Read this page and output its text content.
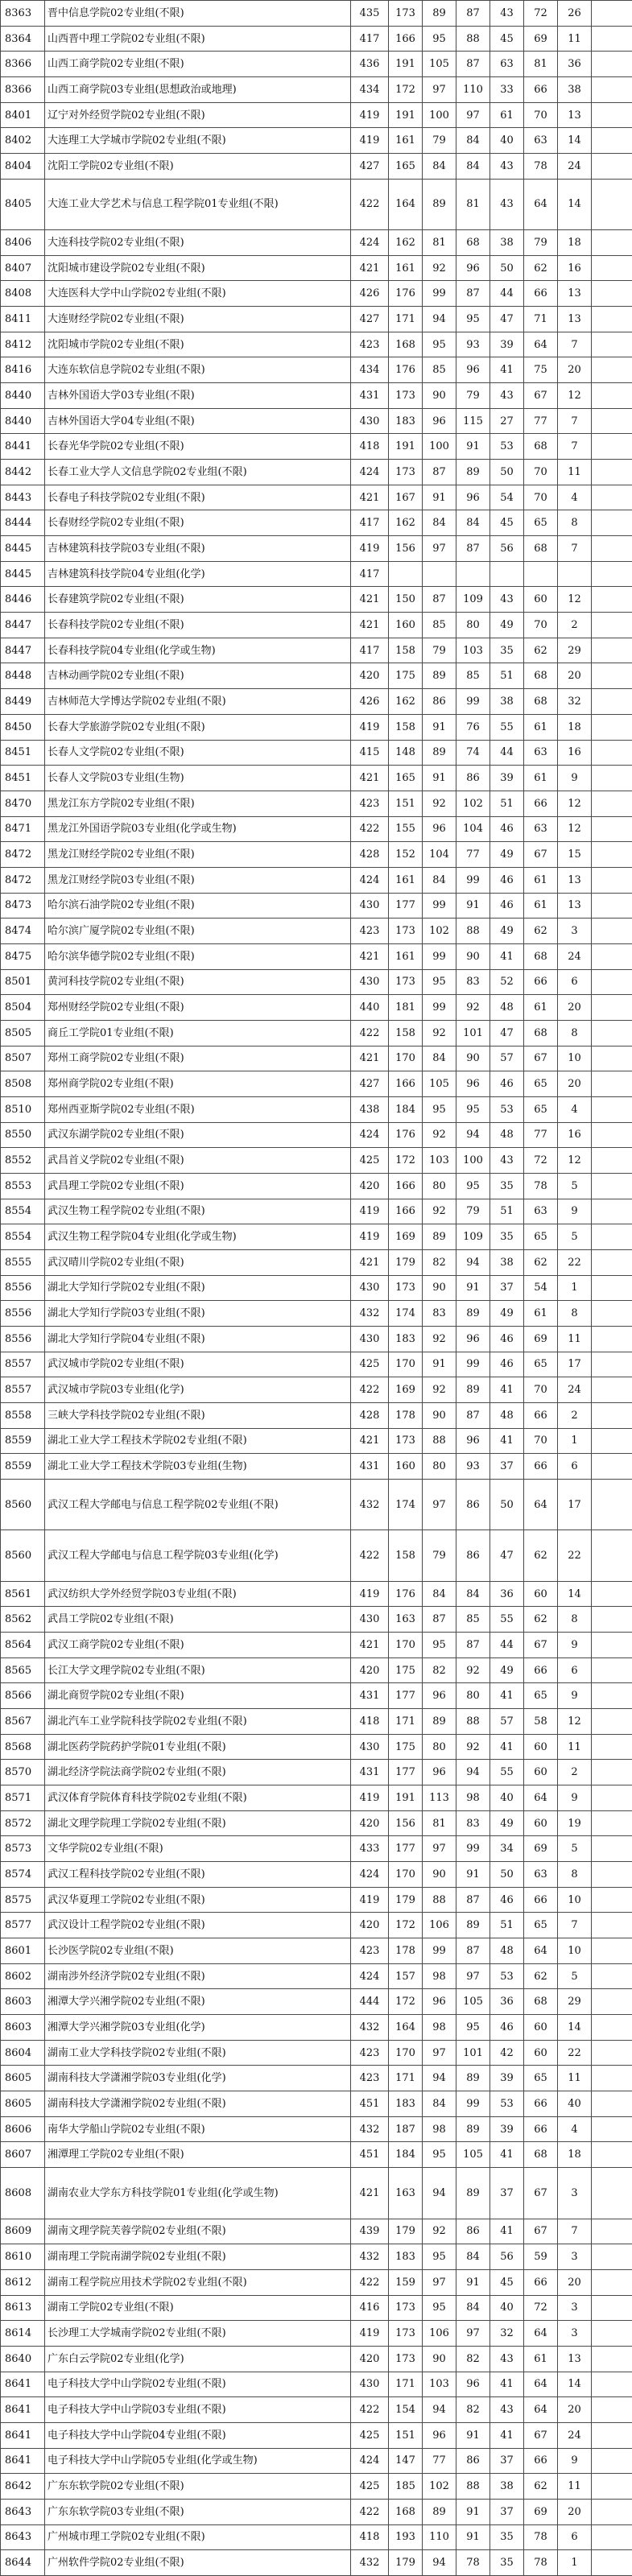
8363	晋中信息学院02专业组(不限)	435	173	89	87	43	72	26	
8364	山西晋中理工学院02专业组(不限)	417	166	95	88	45	69	11	
8366	山西工商学院02专业组(不限)	436	191	105	87	63	81	36	
8366	山西工商学院03专业组(思想政治或地理)	434	172	97	110	33	66	38	
8401	辽宁对外经贸学院02专业组(不限)	419	191	100	97	61	70	13	
8402	大连理工大学城市学院02专业组(不限)	419	161	79	84	40	63	14	
8404	沈阳工学院02专业组(不限)	427	165	84	84	43	78	24	
8405	大连工业大学艺术与信息工程学院01专业组(不限)	422	164	89	81	43	64	14	
8406	大连科技学院02专业组(不限)	424	162	81	68	38	79	18	
8407	沈阳城市建设学院02专业组(不限)	421	161	92	96	50	62	16	
8408	大连医科大学中山学院02专业组(不限)	426	176	99	87	44	66	13	
8411	大连财经学院02专业组(不限)	427	171	94	95	47	71	13	
8412	沈阳城市学院02专业组(不限)	423	168	95	93	39	64	7	
8416	大连东软信息学院02专业组(不限)	434	176	85	96	41	75	20	
8440	吉林外国语大学03专业组(不限)	431	173	90	79	43	67	12	
8440	吉林外国语大学04专业组(不限)	430	183	96	115	27	77	7	
8441	长春光华学院02专业组(不限)	418	191	100	91	53	68	7	
8442	长春工业大学人文信息学院02专业组(不限)	424	173	87	89	50	70	11	
8443	长春电子科技学院02专业组(不限)	421	167	91	96	54	70	4	
8444	长春财经学院02专业组(不限)	417	162	84	84	45	65	8	
8445	吉林建筑科技学院03专业组(不限)	419	156	97	87	56	68	7	
8445	吉林建筑科技学院04专业组(化学)	417							
8446	长春建筑学院02专业组(不限)	421	150	87	109	43	60	12	
8447	长春科技学院02专业组(不限)	421	160	85	80	49	70	2	
8447	长春科技学院04专业组(化学或生物)	417	158	79	103	35	62	29	
8448	吉林动画学院02专业组(不限)	420	175	89	85	51	68	20	
8449	吉林师范大学博达学院02专业组(不限)	426	162	86	99	38	68	32	
8450	长春大学旅游学院02专业组(不限)	419	158	91	76	55	61	18	
8451	长春人文学院02专业组(不限)	415	148	89	74	44	63	16	
8451	长春人文学院03专业组(生物)	421	165	91	86	39	61	9	
8470	黑龙江东方学院02专业组(不限)	423	151	92	102	51	66	12	
8471	黑龙江外国语学院03专业组(化学或生物)	422	155	96	104	46	63	12	
8472	黑龙江财经学院02专业组(不限)	428	152	104	77	49	67	15	
8472	黑龙江财经学院03专业组(不限)	424	161	84	99	46	61	13	
8473	哈尔滨石油学院02专业组(不限)	430	177	99	91	46	61	13	
8474	哈尔滨广厦学院02专业组(不限)	423	173	102	88	49	62	3	
8475	哈尔滨华德学院02专业组(不限)	421	161	99	90	41	68	24	
8501	黄河科技学院02专业组(不限)	430	173	95	83	52	66	6	
8504	郑州财经学院02专业组(不限)	440	181	99	92	48	61	20	
8505	商丘工学院01专业组(不限)	422	158	92	101	47	68	8	
8507	郑州工商学院02专业组(不限)	421	170	84	90	57	67	10	
8508	郑州商学院02专业组(不限)	427	166	105	96	46	65	20	
8510	郑州西亚斯学院02专业组(不限)	438	184	95	95	53	65	4	
8550	武汉东湖学院02专业组(不限)	424	176	92	94	48	77	16	
8552	武昌首义学院02专业组(不限)	425	172	103	100	43	72	12	
8553	武昌理工学院02专业组(不限)	420	166	80	95	35	78	5	
8554	武汉生物工程学院02专业组(不限)	419	166	92	79	51	63	9	
8554	武汉生物工程学院04专业组(化学或生物)	419	169	89	109	35	65	5	
8555	武汉晴川学院02专业组(不限)	421	179	82	94	38	62	22	
8556	湖北大学知行学院02专业组(不限)	430	173	90	91	37	54	1	
8556	湖北大学知行学院03专业组(不限)	432	174	83	89	49	61	8	
8556	湖北大学知行学院04专业组(不限)	430	183	92	96	46	69	11	
8557	武汉城市学院02专业组(不限)	425	170	91	99	46	65	17	
8557	武汉城市学院03专业组(化学)	422	169	92	89	41	70	24	
8558	三峡大学科技学院02专业组(不限)	428	178	90	87	48	66	2	
8559	湖北工业大学工程技术学院02专业组(不限)	421	173	88	96	41	70	1	
8559	湖北工业大学工程技术学院03专业组(生物)	431	160	80	93	37	66	6	
8560	武汉工程大学邮电与信息工程学院02专业组(不限)	432	174	97	86	50	64	17	
8560	武汉工程大学邮电与信息工程学院03专业组(化学)	422	158	79	86	47	62	22	
8561	武汉纺织大学外经贸学院03专业组(不限)	419	176	84	84	36	60	14	
8562	武昌工学院02专业组(不限)	430	163	87	85	55	62	8	
8564	武汉工商学院02专业组(不限)	421	170	95	87	44	67	9	
8565	长江大学文理学院02专业组(不限)	420	175	82	92	49	66	6	
8566	湖北商贸学院02专业组(不限)	431	177	96	80	41	65	9	
8567	湖北汽车工业学院科技学院02专业组(不限)	418	171	89	88	57	58	12	
8568	湖北医药学院药护学院01专业组(不限)	430	175	80	92	41	60	11	
8570	湖北经济学院法商学院02专业组(不限)	431	177	96	94	55	60	2	
8571	武汉体育学院体育科技学院02专业组(不限)	419	191	113	98	40	64	9	
8572	湖北文理学院理工学院02专业组(不限)	420	156	81	83	49	60	19	
8573	文华学院02专业组(不限)	433	177	97	99	34	69	5	
8574	武汉工程科技学院02专业组(不限)	424	170	90	91	50	63	8	
8575	武汉华夏理工学院02专业组(不限)	419	179	88	87	46	66	10	
8577	武汉设计工程学院02专业组(不限)	420	172	106	89	51	65	7	
8601	长沙医学院02专业组(不限)	423	178	99	87	48	64	10	
8602	湖南涉外经济学院02专业组(不限)	424	157	98	97	53	62	5	
8603	湘潭大学兴湘学院02专业组(不限)	444	172	96	105	36	68	29	
8603	湘潭大学兴湘学院03专业组(化学)	432	164	98	95	46	60	14	
8604	湖南工业大学科技学院02专业组(不限)	423	170	97	101	42	60	22	
8605	湖南科技大学潇湘学院03专业组(化学)	423	171	94	89	39	65	11	
8605	湖南科技大学潇湘学院02专业组(不限)	451	183	84	99	53	66	40	
8606	南华大学船山学院02专业组(不限)	432	187	98	89	39	66	4	
8607	湘潭理工学院02专业组(不限)	451	184	95	105	41	68	18	
8608	湖南农业大学东方科技学院01专业组(化学或生物)	421	163	94	89	37	67	3	
8609	湖南文理学院芙蓉学院02专业组(不限)	439	179	92	86	41	67	7	
8610	湖南理工学院南湖学院02专业组(不限)	432	183	95	84	56	59	3	
8612	湖南工程学院应用技术学院02专业组(不限)	422	159	97	91	45	66	20	
8613	湖南工学院02专业组(不限)	416	173	95	84	40	72	3	
8614	长沙理工大学城南学院02专业组(不限)	419	173	106	97	32	64	3	
8640	广东白云学院02专业组(化学)	420	173	90	82	43	61	13	
8641	电子科技大学中山学院02专业组(不限)	430	171	103	96	41	64	14	
8641	电子科技大学中山学院03专业组(不限)	422	154	94	82	43	64	20	
8641	电子科技大学中山学院04专业组(不限)	425	151	96	91	41	67	24	
8641	电子科技大学中山学院05专业组(化学或生物)	424	147	77	86	37	66	9	
8642	广东东软学院02专业组(不限)	425	185	102	88	38	62	11	
8643	广东东软学院03专业组(不限)	422	168	89	91	37	69	20	
8643	广州城市理工学院02专业组(不限)	418	193	110	91	35	78	6	
8644	广州软件学院02专业组(不限)	432	179	94	78	35	78	1	
